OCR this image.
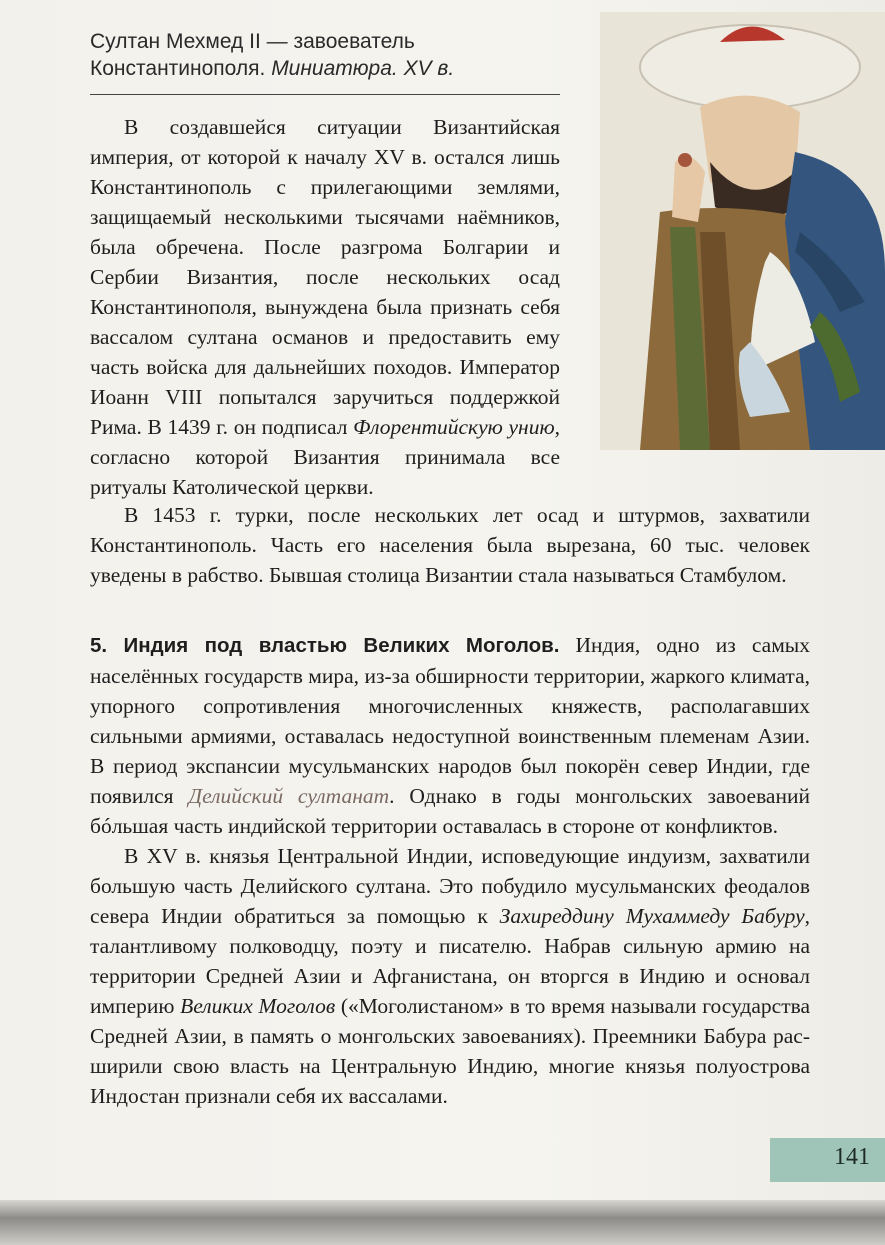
Султан Мехмед II — завоеватель
Константинополя. Миниатюра. XV в.

В создавшейся ситуации Византийская империя, от которой к началу XV в. остался лишь Константинополь с прилегающими землями, защищаемый несколькими тысячами наёмников, была обречена. После разгрома Болгарии и Сербии Византия, после нескольких осад Константинополя, вынуждена была признать себя вассалом султана османов и предоставить ему часть войска для дальнейших походов. Император Иоанн VIII попытался заручиться поддержкой Рима. В 1439 г. он подписал Флорентийскую унию, согласно которой Византия принимала все ритуалы Католической церкви.

В 1453 г. турки, после нескольких лет осад и штурмов, захватили Константинополь. Часть его населения была вырезана, 60 тыс. человек уведены в рабство. Бывшая столица Византии стала называться Стамбулом.

5. Индия под властью Великих Моголов. Индия, одно из самых населённых государств мира, из-за обширности территории, жаркого климата, упорного сопротивления многочисленных княжеств, располагавших сильными армиями, оставалась недоступной воинственным племенам Азии. В период экспансии мусульманских народов был покорён север Индии, где появился Делийский султанат. Однако в годы монгольских завоеваний бóльшая часть индийской территории оставалась в стороне от конфликтов.

В XV в. князья Центральной Индии, исповедующие индуизм, захватили большую часть Делийского султана. Это побудило мусульманских феодалов севера Индии обратиться за помощью к Захиреддину Мухаммеду Бабуру, талантливому полководцу, поэту и писателю. Набрав сильную армию на территории Средней Азии и Афганистана, он вторгся в Индию и основал империю Великих Моголов («Моголистаном» в то время называли государства Средней Азии, в память о монгольских завоеваниях). Преемники Бабура расширили свою власть на Центральную Индию, многие князья полуострова Индостан признали себя их вассалами.

141
